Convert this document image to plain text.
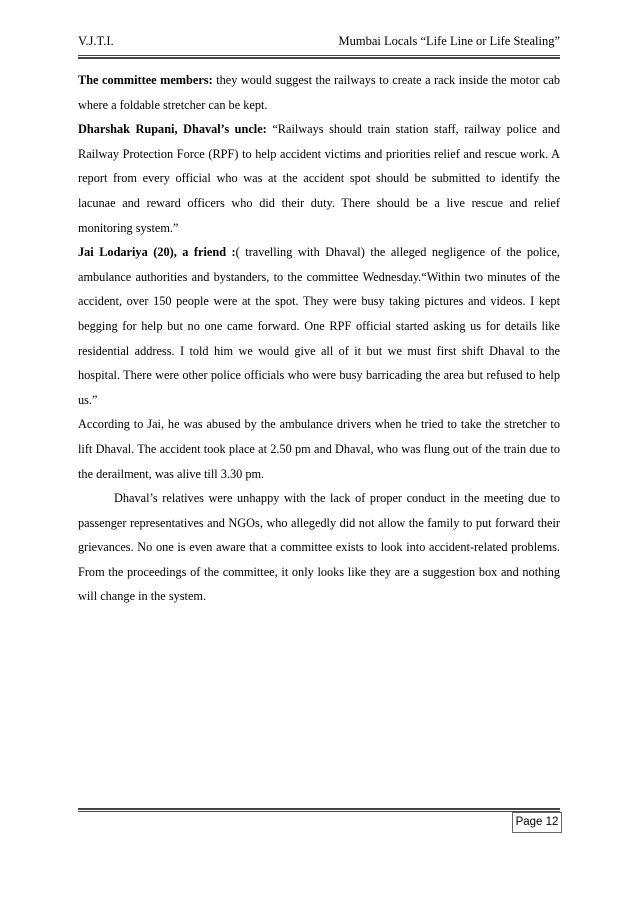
V.J.T.I.	Mumbai Locals “Life Line or Life Stealing”

The committee members: they would suggest the railways to create a rack inside the motor cab where a foldable stretcher can be kept.

Dharshak Rupani, Dhaval’s uncle: “Railways should train station staff, railway police and Railway Protection Force (RPF) to help accident victims and priorities relief and rescue work. A report from every official who was at the accident spot should be submitted to identify the lacunae and reward officers who did their duty. There should be a live rescue and relief monitoring system.”

Jai Lodariya (20), a friend :( travelling with Dhaval) the alleged negligence of the police, ambulance authorities and bystanders, to the committee Wednesday.“Within two minutes of the accident, over 150 people were at the spot. They were busy taking pictures and videos. I kept begging for help but no one came forward. One RPF official started asking us for details like residential address. I told him we would give all of it but we must first shift Dhaval to the hospital. There were other police officials who were busy barricading the area but refused to help us.”

According to Jai, he was abused by the ambulance drivers when he tried to take the stretcher to lift Dhaval. The accident took place at 2.50 pm and Dhaval, who was flung out of the train due to the derailment, was alive till 3.30 pm.

Dhaval’s relatives were unhappy with the lack of proper conduct in the meeting due to passenger representatives and NGOs, who allegedly did not allow the family to put forward their grievances. No one is even aware that a committee exists to look into accident-related problems. From the proceedings of the committee, it only looks like they are a suggestion box and nothing will change in the system.

Page 12
